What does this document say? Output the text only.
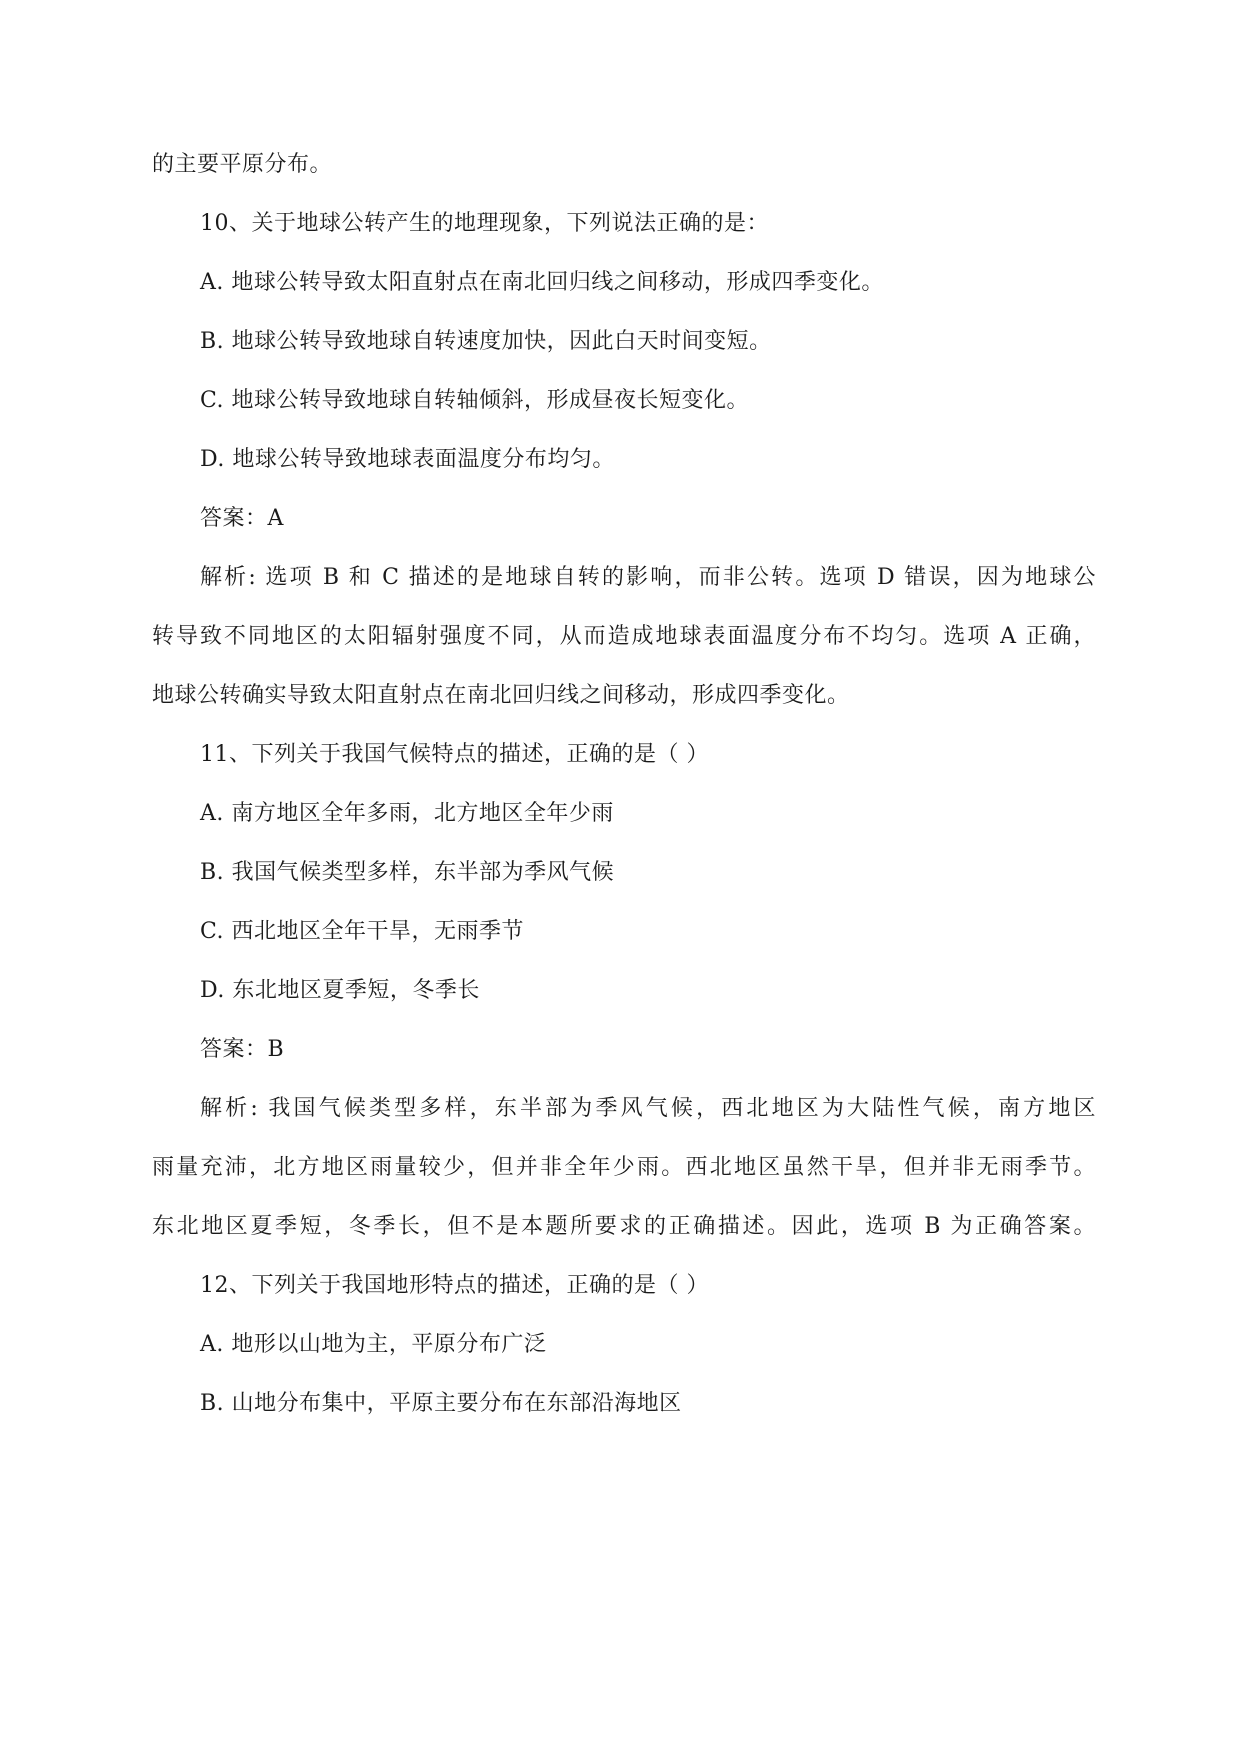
的主要平原分布。
10、关于地球公转产生的地理现象，下列说法正确的是：
A. 地球公转导致太阳直射点在南北回归线之间移动，形成四季变化。
B. 地球公转导致地球自转速度加快，因此白天时间变短。
C. 地球公转导致地球自转轴倾斜，形成昼夜长短变化。
D. 地球公转导致地球表面温度分布均匀。
答案：A
解析: 选项 B 和 C 描述的是地球自转的影响，而非公转。选项 D 错误，因为地球公
转导致不同地区的太阳辐射强度不同，从而造成地球表面温度分布不均匀。选项 A 正确，
地球公转确实导致太阳直射点在南北回归线之间移动，形成四季变化。
11、下列关于我国气候特点的描述，正确的是（ ）
A. 南方地区全年多雨，北方地区全年少雨
B. 我国气候类型多样，东半部为季风气候
C. 西北地区全年干旱，无雨季节
D. 东北地区夏季短，冬季长
答案：B
解析: 我国气候类型多样，东半部为季风气候，西北地区为大陆性气候，南方地区
雨量充沛，北方地区雨量较少，但并非全年少雨。西北地区虽然干旱，但并非无雨季节。
东北地区夏季短，冬季长，但不是本题所要求的正确描述。因此，选项 B 为正确答案。
12、下列关于我国地形特点的描述，正确的是（ ）
A. 地形以山地为主，平原分布广泛
B. 山地分布集中，平原主要分布在东部沿海地区
